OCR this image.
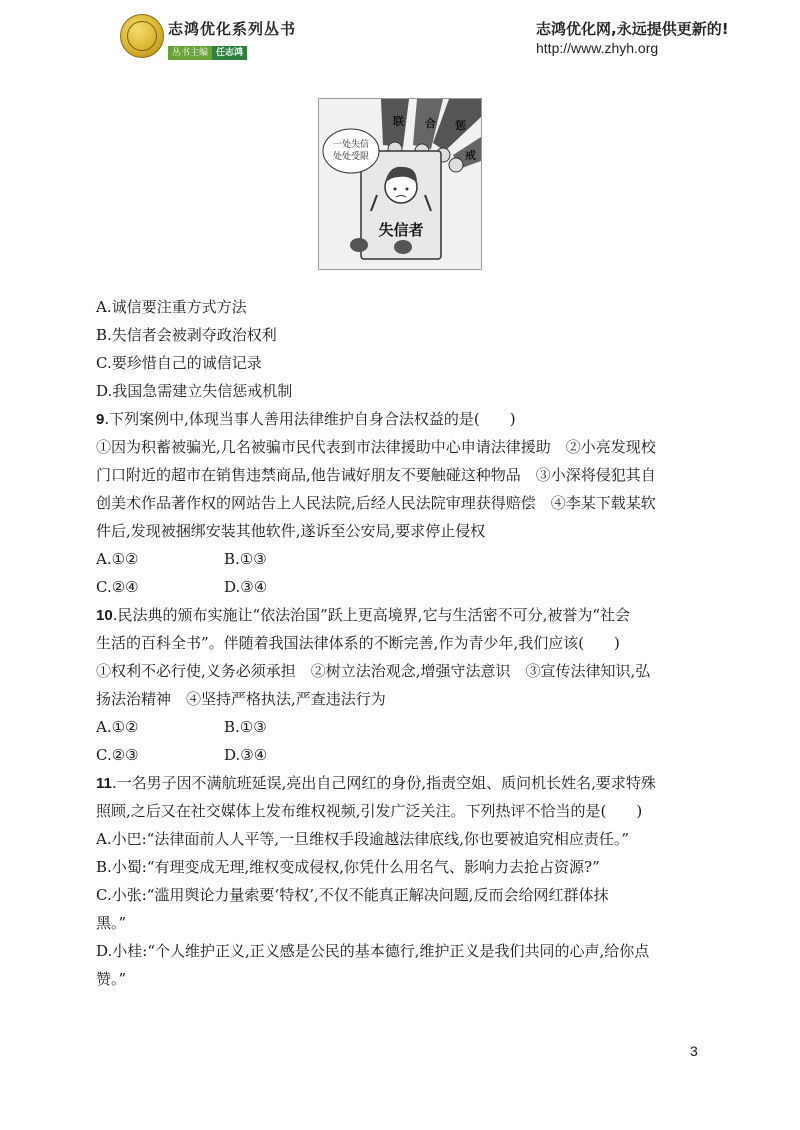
志鸿优化系列丛书
丛书主编 任志鸿
志鸿优化网,永远提供更新的!
http://www.zhyh.org
一处失信
处处受限
联 合 惩
戒
失信者
A.诚信要注重方式方法
B.失信者会被剥夺政治权利
C.要珍惜自己的诚信记录
D.我国急需建立失信惩戒机制
9.下列案例中,体现当事人善用法律维护自身合法权益的是(　　)
①因为积蓄被骗光,几名被骗市民代表到市法律援助中心申请法律援助　②小亮发现校
门口附近的超市在销售违禁商品,他告诫好朋友不要触碰这种物品　③小深将侵犯其自
创美术作品著作权的网站告上人民法院,后经人民法院审理获得赔偿　④李某下载某软
件后,发现被捆绑安装其他软件,遂诉至公安局,要求停止侵权
A.①②	B.①③
C.②④	D.③④
10.民法典的颁布实施让“依法治国”跃上更高境界,它与生活密不可分,被誉为“社会
生活的百科全书”。伴随着我国法律体系的不断完善,作为青少年,我们应该(　　)
①权利不必行使,义务必须承担　②树立法治观念,增强守法意识　③宣传法律知识,弘
扬法治精神　④坚持严格执法,严查违法行为
A.①②	B.①③
C.②③	D.③④
11.一名男子因不满航班延误,亮出自己网红的身份,指责空姐、质问机长姓名,要求特殊
照顾,之后又在社交媒体上发布维权视频,引发广泛关注。下列热评不恰当的是(　　)
A.小巴:“法律面前人人平等,一旦维权手段逾越法律底线,你也要被追究相应责任。”
B.小蜀:“有理变成无理,维权变成侵权,你凭什么用名气、影响力去抢占资源?”
C.小张:“滥用舆论力量索要‘特权’,不仅不能真正解决问题,反而会给网红群体抹
黑。”
D.小桂:“个人维护正义,正义感是公民的基本德行,维护正义是我们共同的心声,给你点
赞。”
3
